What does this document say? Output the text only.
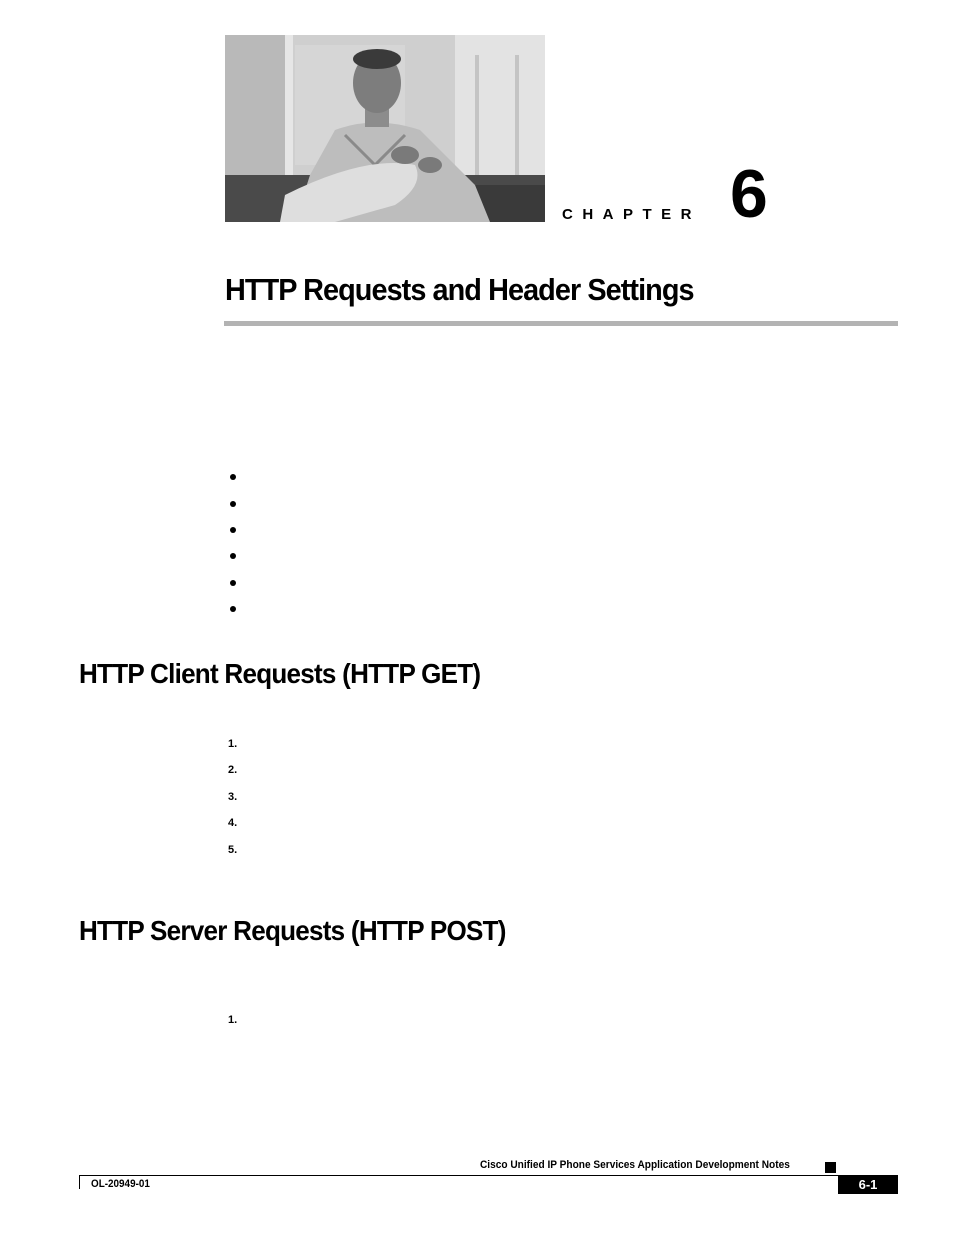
CHAPTER 6
HTTP Requests and Header Settings
HTTP Client Requests (HTTP GET)
1.
2.
3.
4.
5.
HTTP Server Requests (HTTP POST)
1.
Cisco Unified IP Phone Services Application Development Notes
OL-20949-01	6-1
